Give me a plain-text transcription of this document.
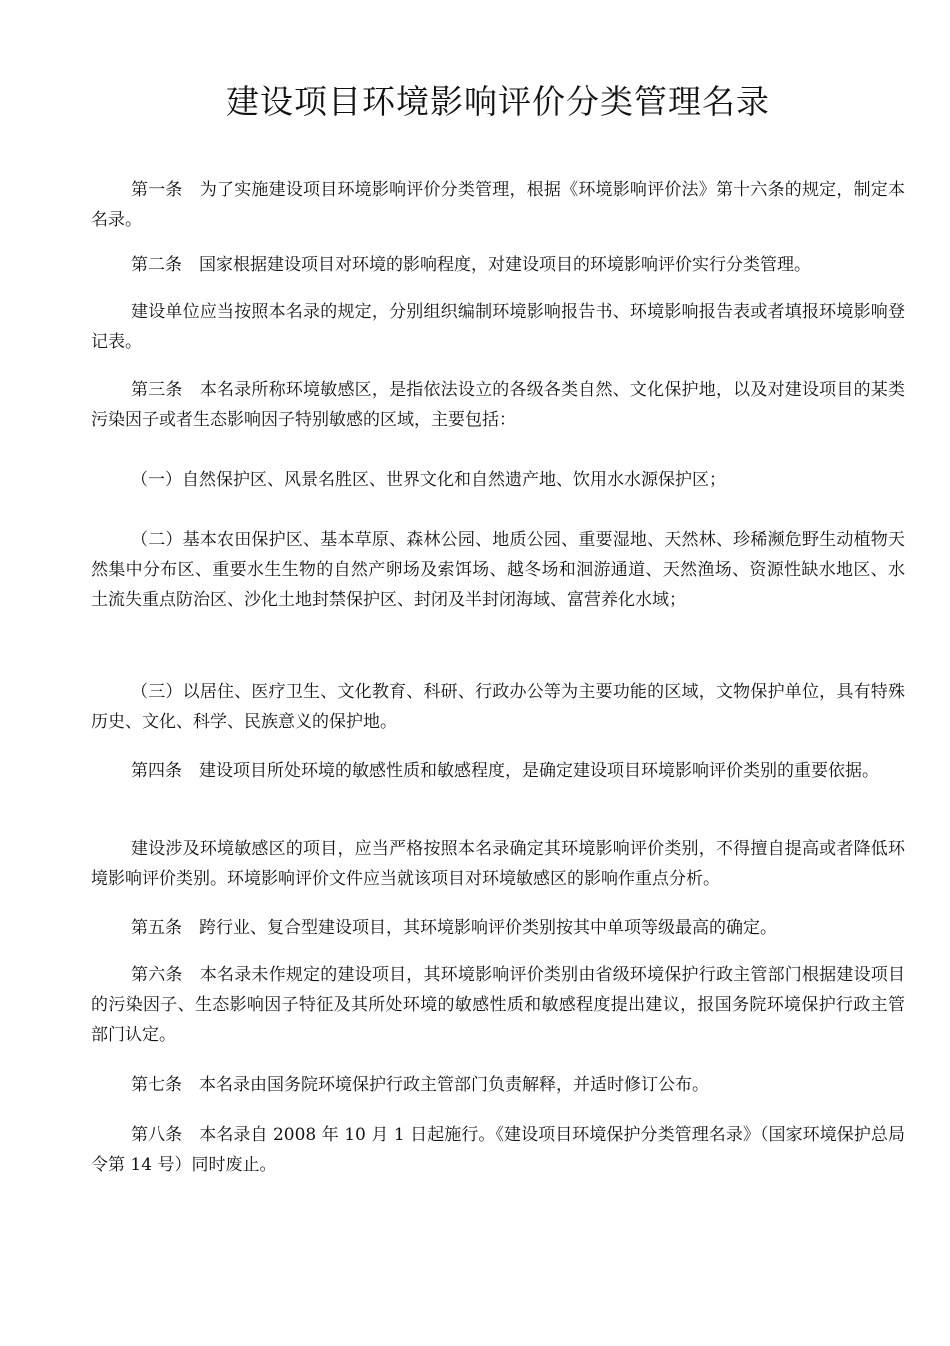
建设项目环境影响评价分类管理名录
第一条　为了实施建设项目环境影响评价分类管理，根据《环境影响评价法》第十六条的规定，制定本名录。
第二条　国家根据建设项目对环境的影响程度，对建设项目的环境影响评价实行分类管理。
建设单位应当按照本名录的规定，分别组织编制环境影响报告书、环境影响报告表或者填报环境影响登记表。
第三条　本名录所称环境敏感区，是指依法设立的各级各类自然、文化保护地，以及对建设项目的某类污染因子或者生态影响因子特别敏感的区域，主要包括：
（一）自然保护区、风景名胜区、世界文化和自然遗产地、饮用水水源保护区；
（二）基本农田保护区、基本草原、森林公园、地质公园、重要湿地、天然林、珍稀濒危野生动植物天然集中分布区、重要水生生物的自然产卵场及索饵场、越冬场和洄游通道、天然渔场、资源性缺水地区、水土流失重点防治区、沙化土地封禁保护区、封闭及半封闭海域、富营养化水域；
（三）以居住、医疗卫生、文化教育、科研、行政办公等为主要功能的区域，文物保护单位，具有特殊历史、文化、科学、民族意义的保护地。
第四条　建设项目所处环境的敏感性质和敏感程度，是确定建设项目环境影响评价类别的重要依据。
建设涉及环境敏感区的项目，应当严格按照本名录确定其环境影响评价类别，不得擅自提高或者降低环境影响评价类别。环境影响评价文件应当就该项目对环境敏感区的影响作重点分析。
第五条　跨行业、复合型建设项目，其环境影响评价类别按其中单项等级最高的确定。
第六条　本名录未作规定的建设项目，其环境影响评价类别由省级环境保护行政主管部门根据建设项目的污染因子、生态影响因子特征及其所处环境的敏感性质和敏感程度提出建议，报国务院环境保护行政主管部门认定。
第七条　本名录由国务院环境保护行政主管部门负责解释，并适时修订公布。
第八条　本名录自 2008 年 10 月 1 日起施行。《建设项目环境保护分类管理名录》（国家环境保护总局令第 14 号）同时废止。
